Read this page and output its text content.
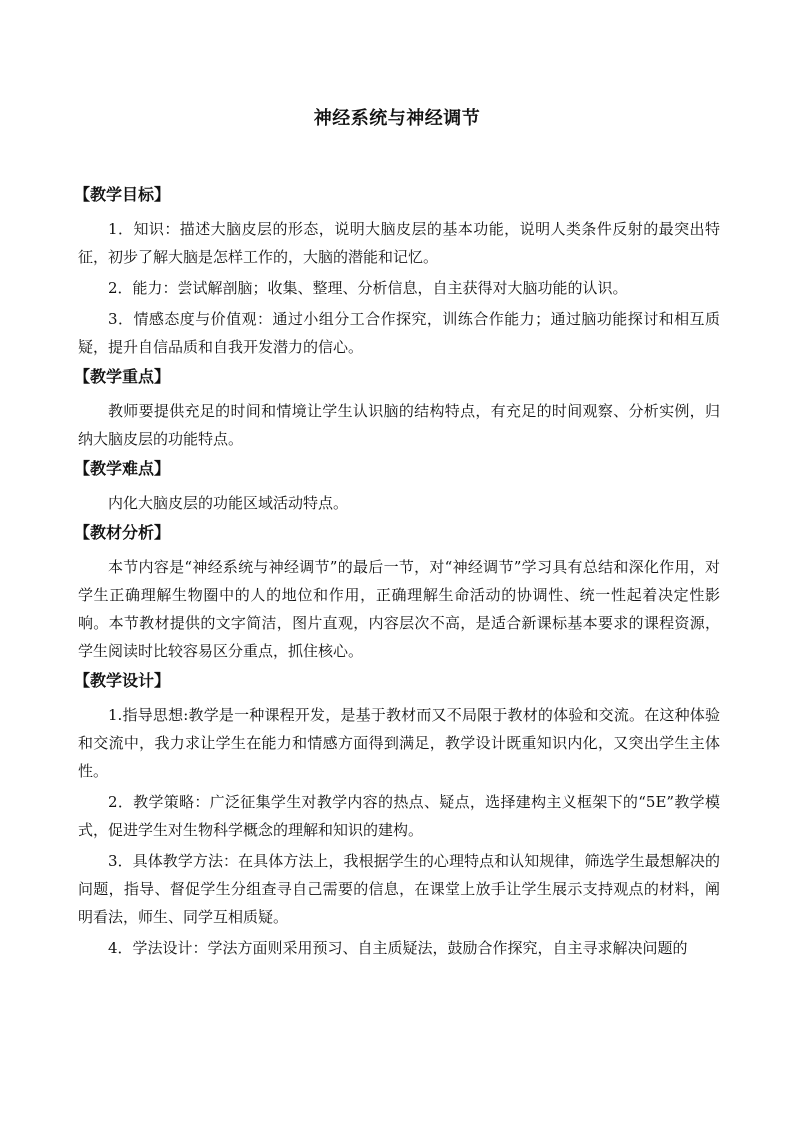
神经系统与神经调节
【教学目标】

1．知识：描述大脑皮层的形态，说明大脑皮层的基本功能，说明人类条件反射的最突出特征，初步了解大脑是怎样工作的，大脑的潜能和记忆。

2．能力：尝试解剖脑；收集、整理、分析信息，自主获得对大脑功能的认识。

3．情感态度与价值观：通过小组分工合作探究，训练合作能力；通过脑功能探讨和相互质疑，提升自信品质和自我开发潜力的信心。

【教学重点】

教师要提供充足的时间和情境让学生认识脑的结构特点，有充足的时间观察、分析实例，归纳大脑皮层的功能特点。

【教学难点】

内化大脑皮层的功能区域活动特点。

【教材分析】

本节内容是“神经系统与神经调节”的最后一节，对“神经调节”学习具有总结和深化作用，对学生正确理解生物圈中的人的地位和作用，正确理解生命活动的协调性、统一性起着决定性影响。本节教材提供的文字简洁，图片直观，内容层次不高，是适合新课标基本要求的课程资源，学生阅读时比较容易区分重点，抓住核心。

【教学设计】

1.指导思想:教学是一种课程开发，是基于教材而又不局限于教材的体验和交流。在这种体验和交流中，我力求让学生在能力和情感方面得到满足，教学设计既重知识内化，又突出学生主体性。

2．教学策略：广泛征集学生对教学内容的热点、疑点，选择建构主义框架下的“5E”教学模式，促进学生对生物科学概念的理解和知识的建构。

3．具体教学方法：在具体方法上，我根据学生的心理特点和认知规律，筛选学生最想解决的问题，指导、督促学生分组查寻自己需要的信息，在课堂上放手让学生展示支持观点的材料，阐明看法，师生、同学互相质疑。

4．学法设计：学法方面则采用预习、自主质疑法，鼓励合作探究，自主寻求解决问题的
